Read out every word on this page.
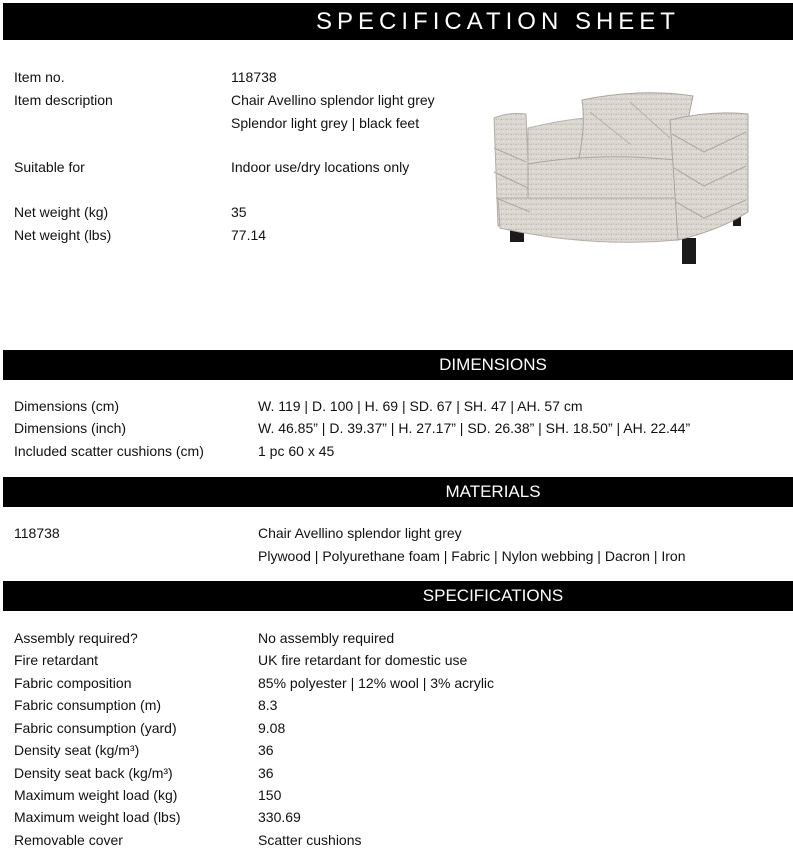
SPECIFICATION SHEET
Item no.	118738
Item description	Chair Avellino splendor light grey
Splendor light grey | black feet
Suitable for	Indoor use/dry locations only
Net weight (kg)	35
Net weight (lbs)	77.14
DIMENSIONS
Dimensions (cm)	W. 119 | D. 100 | H. 69 | SD. 67 | SH. 47 | AH. 57 cm
Dimensions (inch)	W. 46.85” | D. 39.37” | H. 27.17” | SD. 26.38” | SH. 18.50” | AH. 22.44”
Included scatter cushions (cm)	1 pc 60 x 45
MATERIALS
118738	Chair Avellino splendor light grey
Plywood | Polyurethane foam | Fabric | Nylon webbing | Dacron | Iron
SPECIFICATIONS
Assembly required?	No assembly required
Fire retardant	UK fire retardant for domestic use
Fabric composition	85% polyester | 12% wool | 3% acrylic
Fabric consumption (m)	8.3
Fabric consumption (yard)	9.08
Density seat (kg/m³)	36
Density seat back (kg/m³)	36
Maximum weight load (kg)	150
Maximum weight load (lbs)	330.69
Removable cover	Scatter cushions
